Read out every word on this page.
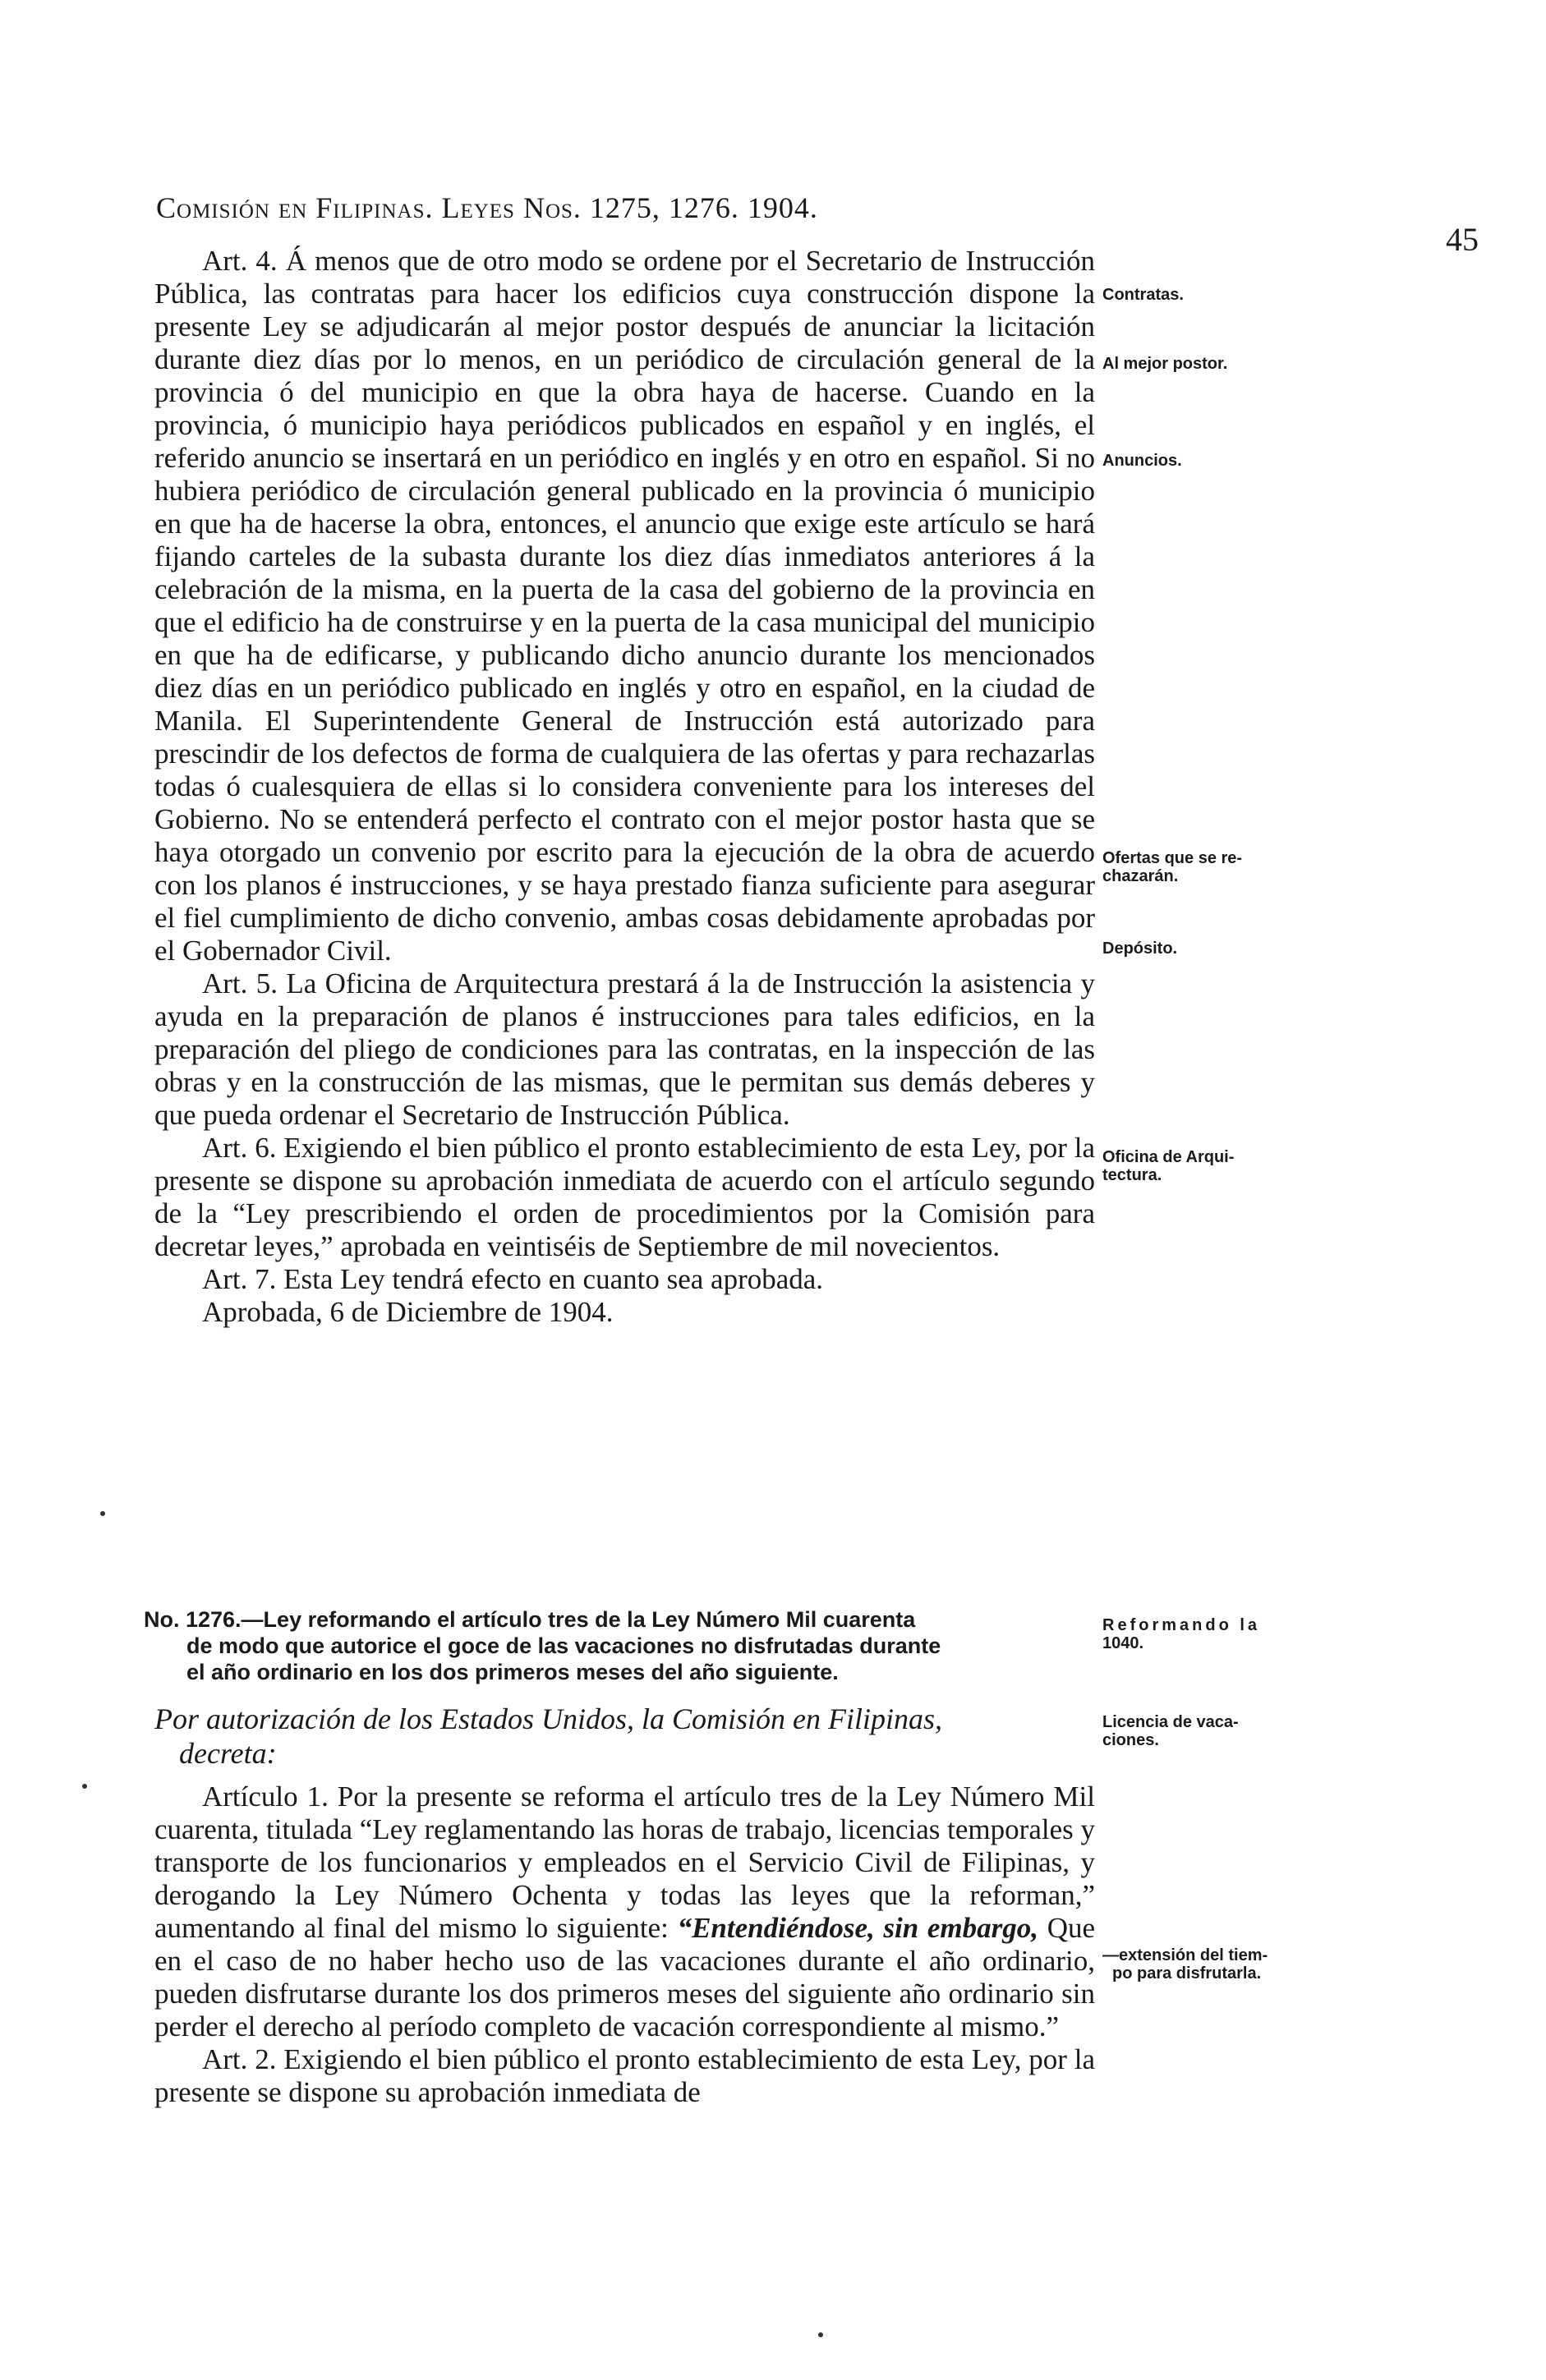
Comisión en Filipinas. Leyes Nos. 1275, 1276. 1904.
45

Art. 4. Á menos que de otro modo se ordene por el Secretario de Instrucción Pública, las contratas para hacer los edificios cuya construcción dispone la presente Ley se adjudicarán al mejor postor después de anunciar la licitación durante diez días por lo menos, en un periódico de circulación general de la provincia ó del municipio en que la obra haya de hacerse. Cuando en la provincia, ó municipio haya periódicos publicados en español y en inglés, el referido anuncio se insertará en un periódico en inglés y en otro en español. Si no hubiera periódico de circulación general publicado en la provincia ó municipio en que ha de hacerse la obra, entonces, el anuncio que exige este artículo se hará fijando carteles de la subasta durante los diez días inmediatos anteriores á la celebración de la misma, en la puerta de la casa del gobierno de la provincia en que el edificio ha de construirse y en la puerta de la casa municipal del municipio en que ha de edificarse, y publicando dicho anuncio durante los mencionados diez días en un periódico publicado en inglés y otro en español, en la ciudad de Manila. El Superintendente General de Instrucción está autorizado para prescindir de los defectos de forma de cualquiera de las ofertas y para rechazarlas todas ó cualesquiera de ellas si lo considera conveniente para los intereses del Gobierno. No se entenderá perfecto el contrato con el mejor postor hasta que se haya otorgado un convenio por escrito para la ejecución de la obra de acuerdo con los planos é instrucciones, y se haya prestado fianza suficiente para asegurar el fiel cumplimiento de dicho convenio, ambas cosas debidamente aprobadas por el Gobernador Civil.

Art. 5. La Oficina de Arquitectura prestará á la de Instrucción la asistencia y ayuda en la preparación de planos é instrucciones para tales edificios, en la preparación del pliego de condiciones para las contratas, en la inspección de las obras y en la construcción de las mismas, que le permitan sus demás deberes y que pueda ordenar el Secretario de Instrucción Pública.

Art. 6. Exigiendo el bien público el pronto establecimiento de esta Ley, por la presente se dispone su aprobación inmediata de acuerdo con el artículo segundo de la “Ley prescribiendo el orden de procedimientos por la Comisión para decretar leyes,” aprobada en veintiséis de Septiembre de mil novecientos.

Art. 7. Esta Ley tendrá efecto en cuanto sea aprobada.

Aprobada, 6 de Diciembre de 1904.

Contratas.
Al mejor postor.
Anuncios.
Ofertas que se re-
chazarán.
Depósito.
Oficina de Arqui-
tectura.
No. 1276.—Ley reformando el artículo tres de la Ley Número Mil cuarenta
de modo que autorice el goce de las vacaciones no disfrutadas durante
el año ordinario en los dos primeros meses del año siguiente.
Por autorización de los Estados Unidos, la Comisión en Filipinas,
decreta:

Artículo 1. Por la presente se reforma el artículo tres de la Ley Número Mil cuarenta, titulada “Ley reglamentando las horas de trabajo, licencias temporales y transporte de los funcionarios y empleados en el Servicio Civil de Filipinas, y derogando la Ley Número Ochenta y todas las leyes que la reforman,” aumentando al final del mismo lo siguiente: “Entendiéndose, sin embargo, Que en el caso de no haber hecho uso de las vacaciones durante el año ordinario, pueden disfrutarse durante los dos primeros meses del siguiente año ordinario sin perder el derecho al período completo de vacación correspondiente al mismo.”

Art. 2. Exigiendo el bien público el pronto establecimiento de esta Ley, por la presente se dispone su aprobación inmediata de

Reformando la
1040.
Licencia de vaca-
ciones.
—extensión del tiem-
po para disfrutarla.
